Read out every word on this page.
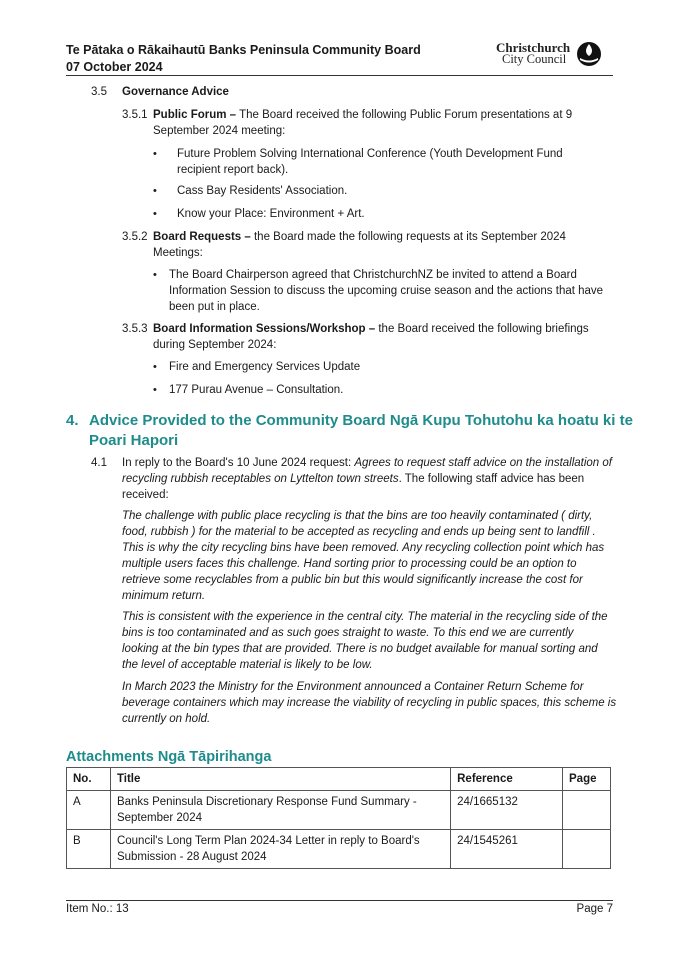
Te Pātaka o Rākaihautū Banks Peninsula Community Board
07 October 2024
Christchurch
City Council
3.5 Governance Advice
3.5.1 Public Forum – The Board received the following Public Forum presentations at 9
September 2024 meeting:
• Future Problem Solving International Conference (Youth Development Fund
recipient report back).
• Cass Bay Residents' Association.
• Know your Place: Environment + Art.
3.5.2 Board Requests – the Board made the following requests at its September 2024
Meetings:
• The Board Chairperson agreed that ChristchurchNZ be invited to attend a Board
Information Session to discuss the upcoming cruise season and the actions that have
been put in place.
3.5.3 Board Information Sessions/Workshop – the Board received the following briefings
during September 2024:
• Fire and Emergency Services Update
• 177 Purau Avenue – Consultation.
4. Advice Provided to the Community Board Ngā Kupu Tohutohu ka hoatu ki te
Poari Hapori
4.1 In reply to the Board's 10 June 2024 request: Agrees to request staff advice on the installation of
recycling rubbish receptables on Lyttelton town streets. The following staff advice has been
received:
The challenge with public place recycling is that the bins are too heavily contaminated ( dirty,
food, rubbish ) for the material to be accepted as recycling and ends up being sent to landfill .
This is why the city recycling bins have been removed. Any recycling collection point which has
multiple users faces this challenge. Hand sorting prior to processing could be an option to
retrieve some recyclables from a public bin but this would significantly increase the cost for
minimum return.
This is consistent with the experience in the central city. The material in the recycling side of the
bins is too contaminated and as such goes straight to waste. To this end we are currently
looking at the bin types that are provided. There is no budget available for manual sorting and
the level of acceptable material is likely to be low.
In March 2023 the Ministry for the Environment announced a Container Return Scheme for
beverage containers which may increase the viability of recycling in public spaces, this scheme is
currently on hold.
Attachments Ngā Tāpirihanga
No.	Title	Reference	Page
A	Banks Peninsula Discretionary Response Fund Summary -
September 2024	24/1665132	
B	Council's Long Term Plan 2024-34 Letter in reply to Board's
Submission - 28 August 2024	24/1545261	
Item No.: 13	Page 7
